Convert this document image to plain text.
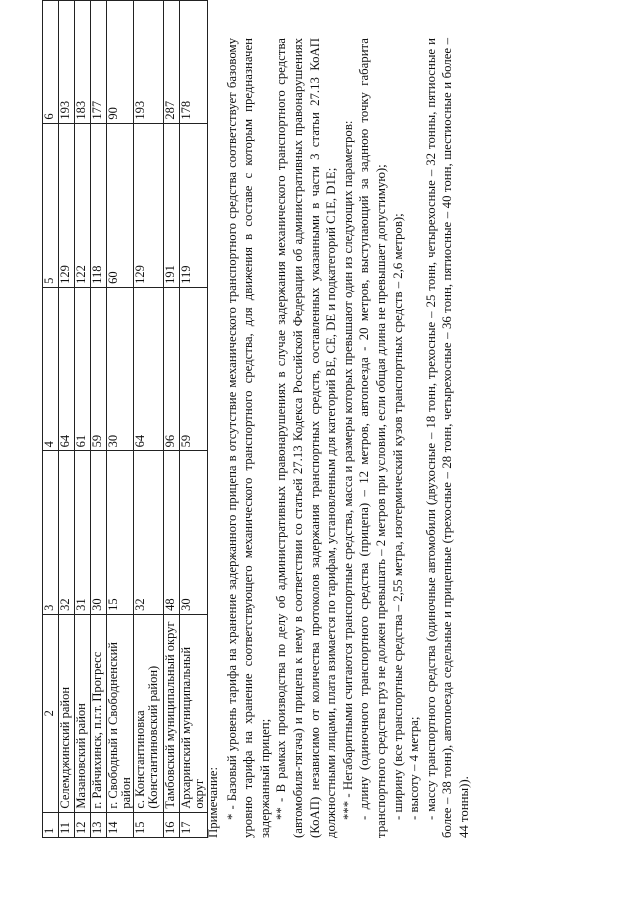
1	2	3	4	5	6
11	Селемджинский район	32	64	129	193
12	Мазановский район	31	61	122	183
13	г. Райчихинск, п.г.т. Прогресс	30	59	118	177
14	г. Свободный и Свободненский район	15	30	60	90
15	с. Константиновка (Константиновский район)	32	64	129	193
16	Тамбовский муниципальный округ	48	96	191	287
17	Архаринский муниципальный округ	30	59	119	178

Примечание: * - Базовый уровень тарифа на хранение задержанного прицепа в отсутствие механического транспортного средства соответствует базовому уровню тарифа на хранение соответствующего механического транспортного средства, для движения в составе с которым предназначен задержанный прицеп; ** - В рамках производства по делу об административных правонарушениях в случае задержания механического транспортного средства (автомобиля-тягача) и прицепа к нему в соответствии со статьей 27.13 Кодекса Российской Федерации об административных правонарушениях (КоАП) независимо от количества протоколов задержания транспортных средств, составленных указанными в части 3 статьи 27.13 КоАП должностными лицами, плата взимается по тарифам, установленным для категорий ВЕ, СЕ, DE и подкатегорий С1Е, D1E; *** - Негабаритными считаются транспортные средства, масса и размеры которых превышают один из следующих параметров: - длину (одиночного транспортного средства (прицепа) – 12 метров, автопоезда - 20 метров, выступающий за заднюю точку габарита транспортного средства груз не должен превышать – 2 метров при условии, если общая длина не превышает допустимую); - ширину (все транспортные средства – 2,55 метра, изотермический кузов транспортных средств – 2,6 метров); - высоту – 4 метра; - массу транспортного средства (одиночные автомобили (двухосные – 18 тонн, трехосные – 25 тонн, четырехосные – 32 тонны, пятиосные и более – 38 тонн), автопоезда седельные и прицепные (трехосные – 28 тонн, четырехосные – 36 тонн, пятиосные – 40 тонн, шестиосные и более – 44 тонны)).
